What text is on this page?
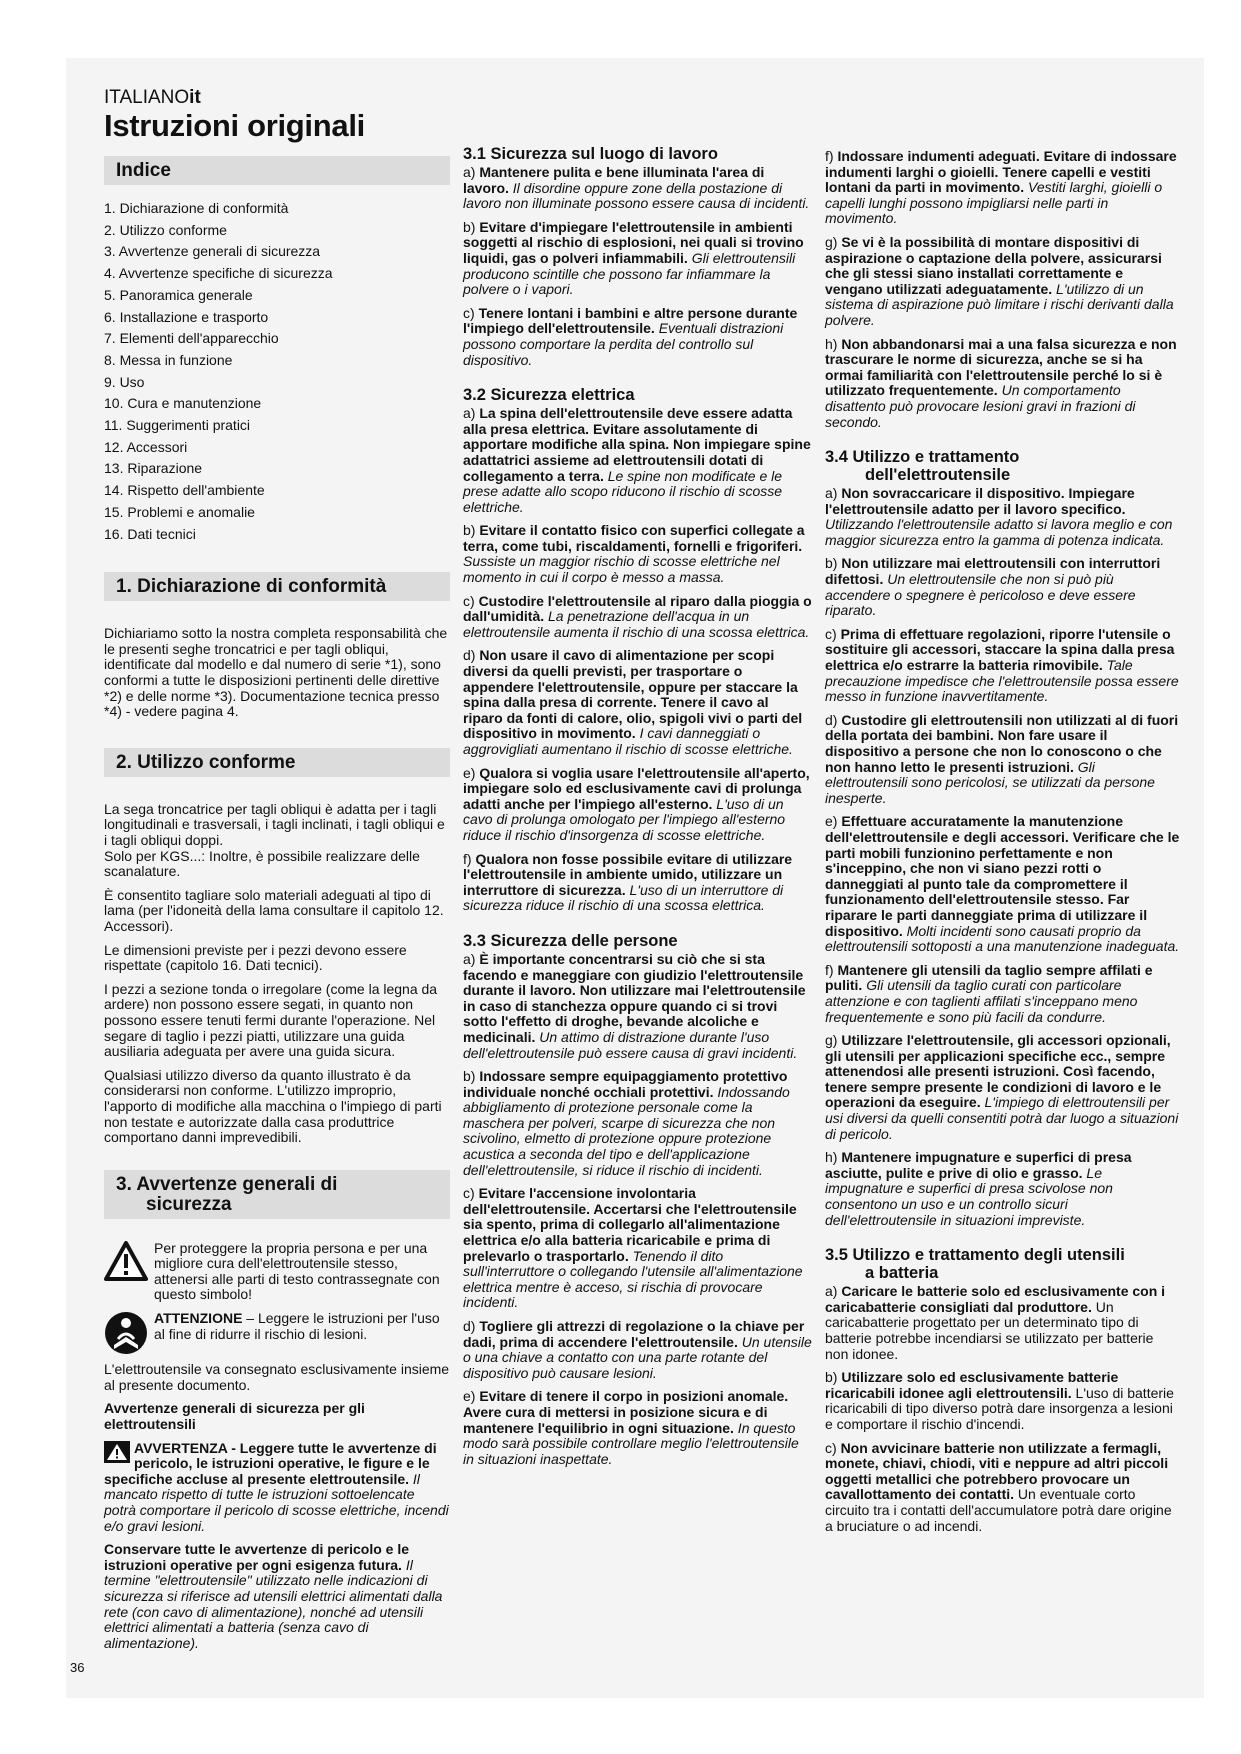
ITALIANOit
Istruzioni originali
Indice
1. Dichiarazione di conformità
2. Utilizzo conforme
3. Avvertenze generali di sicurezza
4. Avvertenze specifiche di sicurezza
5. Panoramica generale
6. Installazione e trasporto
7. Elementi dell'apparecchio
8. Messa in funzione
9. Uso
10. Cura e manutenzione
11. Suggerimenti pratici
12. Accessori
13. Riparazione
14. Rispetto dell'ambiente
15. Problemi e anomalie
16. Dati tecnici
1. Dichiarazione di conformità

Dichiariamo sotto la nostra completa responsabilità che le presenti seghe troncatrici e per tagli obliqui, identificate dal modello e dal numero di serie *1), sono conformi a tutte le disposizioni pertinenti delle direttive *2) e delle norme *3). Documentazione tecnica presso *4) - vedere pagina 4.

2. Utilizzo conforme

La sega troncatrice per tagli obliqui è adatta per i tagli longitudinali e trasversali, i tagli inclinati, i tagli obliqui e i tagli obliqui doppi.

Solo per KGS...: Inoltre, è possibile realizzare delle scanalature.

È consentito tagliare solo materiali adeguati al tipo di lama (per l'idoneità della lama consultare il capitolo 12. Accessori).

Le dimensioni previste per i pezzi devono essere rispettate (capitolo 16. Dati tecnici).

I pezzi a sezione tonda o irregolare (come la legna da ardere) non possono essere segati, in quanto non possono essere tenuti fermi durante l'operazione. Nel segare di taglio i pezzi piatti, utilizzare una guida ausiliaria adeguata per avere una guida sicura.

Qualsiasi utilizzo diverso da quanto illustrato è da considerarsi non conforme. L'utilizzo improprio, l'apporto di modifiche alla macchina o l'impiego di parti non testate e autorizzate dalla casa produttrice comportano danni imprevedibili.

3. Avvertenze generali di
sicurezza

Per proteggere la propria persona e per una migliore cura dell'elettroutensile stesso, attenersi alle parti di testo contrassegnate con questo simbolo!

ATTENZIONE – Leggere le istruzioni per l'uso al fine di ridurre il rischio di lesioni.

L'elettroutensile va consegnato esclusivamente insieme al presente documento.

Avvertenze generali di sicurezza per gli elettroutensili

AVVERTENZA - Leggere tutte le avvertenze di pericolo, le istruzioni operative, le figure e le specifiche accluse al presente elettroutensile. Il mancato rispetto di tutte le istruzioni sottoelencate potrà comportare il pericolo di scosse elettriche, incendi e/o gravi lesioni.

Conservare tutte le avvertenze di pericolo e le istruzioni operative per ogni esigenza futura. Il termine "elettroutensile" utilizzato nelle indicazioni di sicurezza si riferisce ad utensili elettrici alimentati dalla rete (con cavo di alimentazione), nonché ad utensili elettrici alimentati a batteria (senza cavo di alimentazione).

3.1 Sicurezza sul luogo di lavoro

a) Mantenere pulita e bene illuminata l'area di lavoro. Il disordine oppure zone della postazione di lavoro non illuminate possono essere causa di incidenti.

b) Evitare d'impiegare l'elettroutensile in ambienti soggetti al rischio di esplosioni, nei quali si trovino liquidi, gas o polveri infiammabili. Gli elettroutensili producono scintille che possono far infiammare la polvere o i vapori.

c) Tenere lontani i bambini e altre persone durante l'impiego dell'elettroutensile. Eventuali distrazioni possono comportare la perdita del controllo sul dispositivo.

3.2 Sicurezza elettrica

a) La spina dell'elettroutensile deve essere adatta alla presa elettrica. Evitare assolutamente di apportare modifiche alla spina. Non impiegare spine adattatrici assieme ad elettroutensili dotati di collegamento a terra. Le spine non modificate e le prese adatte allo scopo riducono il rischio di scosse elettriche.

b) Evitare il contatto fisico con superfici collegate a terra, come tubi, riscaldamenti, fornelli e frigoriferi. Sussiste un maggior rischio di scosse elettriche nel momento in cui il corpo è messo a massa.

c) Custodire l'elettroutensile al riparo dalla pioggia o dall'umidità. La penetrazione dell'acqua in un elettroutensile aumenta il rischio di una scossa elettrica.

d) Non usare il cavo di alimentazione per scopi diversi da quelli previsti, per trasportare o appendere l'elettroutensile, oppure per staccare la spina dalla presa di corrente. Tenere il cavo al riparo da fonti di calore, olio, spigoli vivi o parti del dispositivo in movimento. I cavi danneggiati o aggrovigliati aumentano il rischio di scosse elettriche.

e) Qualora si voglia usare l'elettroutensile all'aperto, impiegare solo ed esclusivamente cavi di prolunga adatti anche per l'impiego all'esterno. L'uso di un cavo di prolunga omologato per l'impiego all'esterno riduce il rischio d'insorgenza di scosse elettriche.

f) Qualora non fosse possibile evitare di utilizzare l'elettroutensile in ambiente umido, utilizzare un interruttore di sicurezza. L'uso di un interruttore di sicurezza riduce il rischio di una scossa elettrica.

3.3 Sicurezza delle persone

a) È importante concentrarsi su ciò che si sta facendo e maneggiare con giudizio l'elettroutensile durante il lavoro. Non utilizzare mai l'elettroutensile in caso di stanchezza oppure quando ci si trovi sotto l'effetto di droghe, bevande alcoliche e medicinali. Un attimo di distrazione durante l'uso dell'elettroutensile può essere causa di gravi incidenti.

b) Indossare sempre equipaggiamento protettivo individuale nonché occhiali protettivi. Indossando abbigliamento di protezione personale come la maschera per polveri, scarpe di sicurezza che non scivolino, elmetto di protezione oppure protezione acustica a seconda del tipo e dell'applicazione dell'elettroutensile, si riduce il rischio di incidenti.

c) Evitare l'accensione involontaria dell'elettroutensile. Accertarsi che l'elettroutensile sia spento, prima di collegarlo all'alimentazione elettrica e/o alla batteria ricaricabile e prima di prelevarlo o trasportarlo. Tenendo il dito sull'interruttore o collegando l'utensile all'alimentazione elettrica mentre è acceso, si rischia di provocare incidenti.

d) Togliere gli attrezzi di regolazione o la chiave per dadi, prima di accendere l'elettroutensile. Un utensile o una chiave a contatto con una parte rotante del dispositivo può causare lesioni.

e) Evitare di tenere il corpo in posizioni anomale. Avere cura di mettersi in posizione sicura e di mantenere l'equilibrio in ogni situazione. In questo modo sarà possibile controllare meglio l'elettroutensile in situazioni inaspettate.

f) Indossare indumenti adeguati. Evitare di indossare indumenti larghi o gioielli. Tenere capelli e vestiti lontani da parti in movimento. Vestiti larghi, gioielli o capelli lunghi possono impigliarsi nelle parti in movimento.

g) Se vi è la possibilità di montare dispositivi di aspirazione o captazione della polvere, assicurarsi che gli stessi siano installati correttamente e vengano utilizzati adeguatamente. L'utilizzo di un sistema di aspirazione può limitare i rischi derivanti dalla polvere.

h) Non abbandonarsi mai a una falsa sicurezza e non trascurare le norme di sicurezza, anche se si ha ormai familiarità con l'elettroutensile perché lo si è utilizzato frequentemente. Un comportamento disattento può provocare lesioni gravi in frazioni di secondo.

3.4 Utilizzo e trattamento
dell'elettroutensile

a) Non sovraccaricare il dispositivo. Impiegare l'elettroutensile adatto per il lavoro specifico. Utilizzando l'elettroutensile adatto si lavora meglio e con maggior sicurezza entro la gamma di potenza indicata.

b) Non utilizzare mai elettroutensili con interruttori difettosi. Un elettroutensile che non si può più accendere o spegnere è pericoloso e deve essere riparato.

c) Prima di effettuare regolazioni, riporre l'utensile o sostituire gli accessori, staccare la spina dalla presa elettrica e/o estrarre la batteria rimovibile. Tale precauzione impedisce che l'elettroutensile possa essere messo in funzione inavvertitamente.

d) Custodire gli elettroutensili non utilizzati al di fuori della portata dei bambini. Non fare usare il dispositivo a persone che non lo conoscono o che non hanno letto le presenti istruzioni. Gli elettroutensili sono pericolosi, se utilizzati da persone inesperte.

e) Effettuare accuratamente la manutenzione dell'elettroutensile e degli accessori. Verificare che le parti mobili funzionino perfettamente e non s'inceppino, che non vi siano pezzi rotti o danneggiati al punto tale da compromettere il funzionamento dell'elettroutensile stesso. Far riparare le parti danneggiate prima di utilizzare il dispositivo. Molti incidenti sono causati proprio da elettroutensili sottoposti a una manutenzione inadeguata.

f) Mantenere gli utensili da taglio sempre affilati e puliti. Gli utensili da taglio curati con particolare attenzione e con taglienti affilati s'inceppano meno frequentemente e sono più facili da condurre.

g) Utilizzare l'elettroutensile, gli accessori opzionali, gli utensili per applicazioni specifiche ecc., sempre attenendosi alle presenti istruzioni. Così facendo, tenere sempre presente le condizioni di lavoro e le operazioni da eseguire. L'impiego di elettroutensili per usi diversi da quelli consentiti potrà dar luogo a situazioni di pericolo.

h) Mantenere impugnature e superfici di presa asciutte, pulite e prive di olio e grasso. Le impugnature e superfici di presa scivolose non consentono un uso e un controllo sicuri dell'elettroutensile in situazioni impreviste.

3.5 Utilizzo e trattamento degli utensili
a batteria

a) Caricare le batterie solo ed esclusivamente con i caricabatterie consigliati dal produttore. Un caricabatterie progettato per un determinato tipo di batterie potrebbe incendiarsi se utilizzato per batterie non idonee.

b) Utilizzare solo ed esclusivamente batterie ricaricabili idonee agli elettroutensili. L'uso di batterie ricaricabili di tipo diverso potrà dare insorgenza a lesioni e comportare il rischio d'incendi.

c) Non avvicinare batterie non utilizzate a fermagli, monete, chiavi, chiodi, viti e neppure ad altri piccoli oggetti metallici che potrebbero provocare un cavallottamento dei contatti. Un eventuale corto circuito tra i contatti dell'accumulatore potrà dare origine a bruciature o ad incendi.

36
